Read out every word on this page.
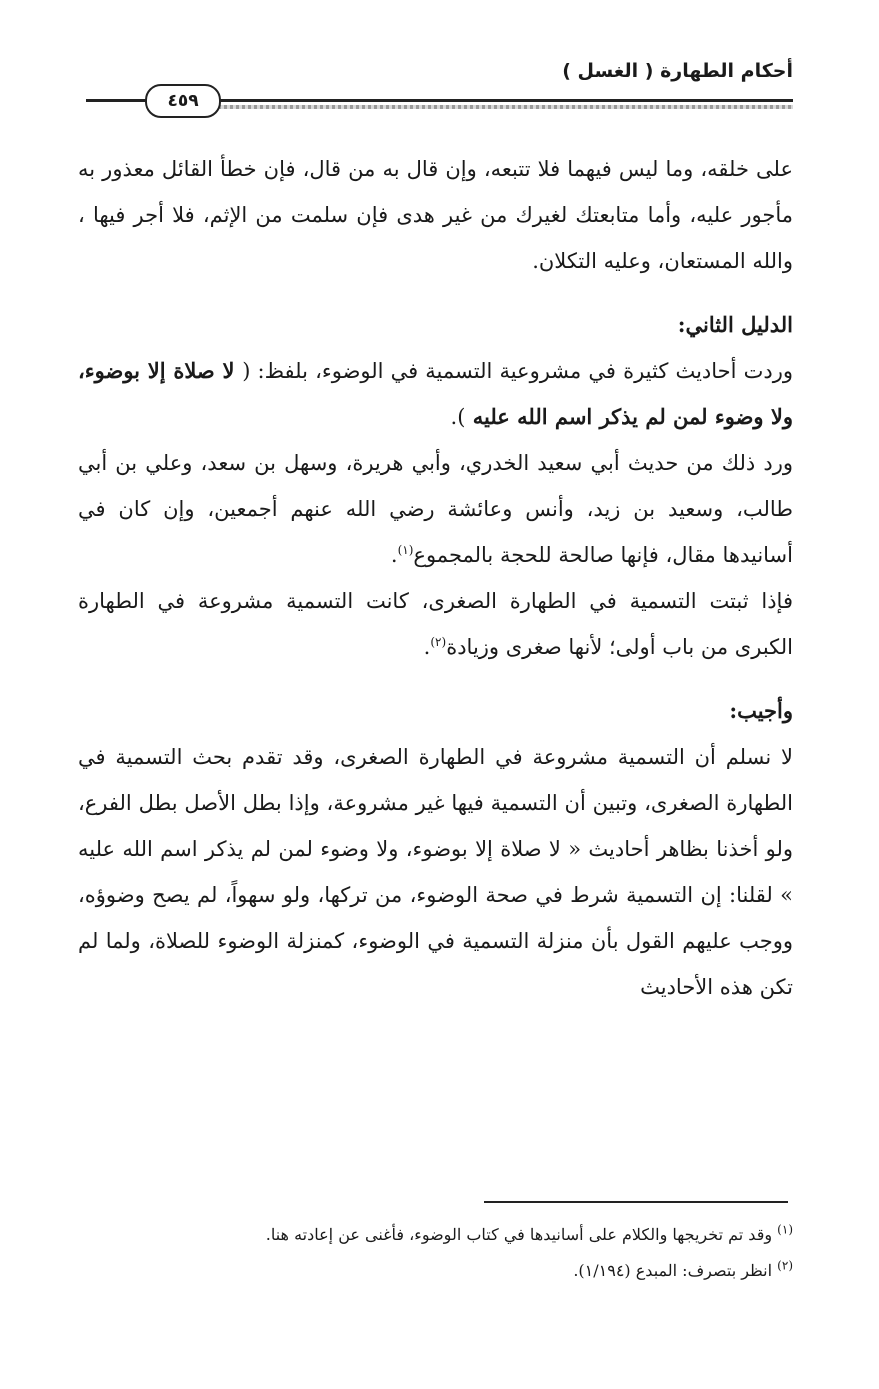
أحكام الطهارة ( الغسل )
٤٥٩

على خلقه، وما ليس فيهما فلا تتبعه، وإن قال به من قال، فإن خطأ القائل معذور به مأجور عليه، وأما متابعتك لغيرك من غير هدى فإن سلمت من الإثم، فلا أجر فيها ، والله المستعان، وعليه التكلان.

الدليل الثاني:

وردت أحاديث كثيرة في مشروعية التسمية في الوضوء، بلفظ: ( لا صلاة إلا بوضوء، ولا وضوء لمن لم يذكر اسم الله عليه ).

ورد ذلك من حديث أبي سعيد الخدري، وأبي هريرة، وسهل بن سعد، وعلي بن أبي طالب، وسعيد بن زيد، وأنس وعائشة رضي الله عنهم أجمعين، وإن كان في أسانيدها مقال، فإنها صالحة للحجة بالمجموع$^{(١)}$.

فإذا ثبتت التسمية في الطهارة الصغرى، كانت التسمية مشروعة في الطهارة الكبرى من باب أولى؛ لأنها صغرى وزيادة$^{(٢)}$.

وأجيب:

لا نسلم أن التسمية مشروعة في الطهارة الصغرى، وقد تقدم بحث التسمية في الطهارة الصغرى، وتبين أن التسمية فيها غير مشروعة، وإذا بطل الأصل بطل الفرع، ولو أخذنا بظاهر أحاديث « لا صلاة إلا بوضوء، ولا وضوء لمن لم يذكر اسم الله عليه » لقلنا: إن التسمية شرط في صحة الوضوء، من تركها، ولو سهواً، لم يصح وضوؤه، ووجب عليهم القول بأن منزلة التسمية في الوضوء، كمنزلة الوضوء للصلاة، ولما لم تكن هذه الأحاديث

$^{(١)}$ وقد تم تخريجها والكلام على أسانيدها في كتاب الوضوء، فأغنى عن إعادته هنا.

$^{(٢)}$ انظر بتصرف: المبدع (١/١٩٤).
